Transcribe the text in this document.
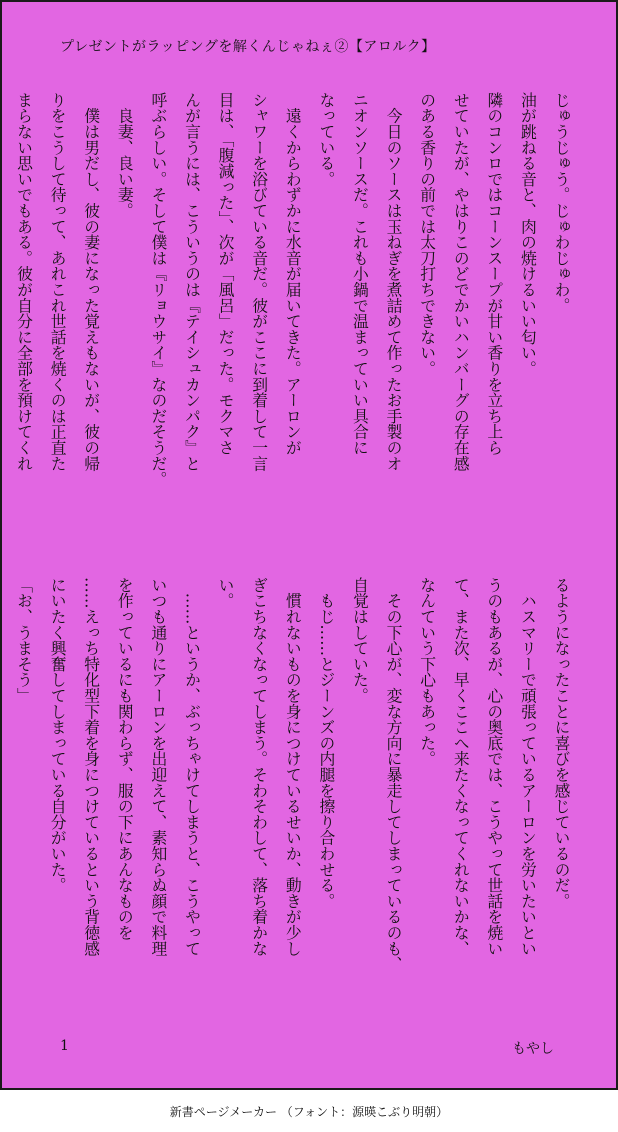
プレゼントがラッピングを解くんじゃねぇ②【アロルク】

じゅうじゅう。じゅわじゅわ。

油が跳ねる音と、肉の焼けるいい匂い。

隣のコンロではコーンスープが甘い香りを立ち上ら

せていたが、やはりこのどでかいハンバーグの存在感

のある香りの前では太刀打ちできない。

　今日のソースは玉ねぎを煮詰めて作ったお手製のオ

ニオンソースだ。これも小鍋で温まっていい具合に

なっている。

　遠くからわずかに水音が届いてきた。アーロンが

シャワーを浴びている音だ。彼がここに到着して一言

目は、「腹減った」、次が「風呂」だった。モクマさ

んが言うには、こういうのは『テイシュカンパク』と

呼ぶらしい。そして僕は『リョウサイ』なのだそうだ。

　良妻、良い妻。

　僕は男だし、彼の妻になった覚えもないが、彼の帰

りをこうして待って、あれこれ世話を焼くのは正直た

まらない思いでもある。彼が自分に全部を預けてくれ

るようになったことに喜びを感じているのだ。

　ハスマリーで頑張っているアーロンを労いたいとい

うのもあるが、心の奥底では、こうやって世話を焼い

て、また次、早くここへ来たくなってくれないかな、

なんていう下心もあった。

　その下心が、変な方向に暴走してしまっているのも、

自覚はしていた。

　もじ……とジーンズの内腿を擦り合わせる。

　慣れないものを身につけているせいか、動きが少し

ぎこちなくなってしまう。そわそわして、落ち着かな

い。

　……というか、ぶっちゃけてしまうと、こうやって

いつも通りにアーロンを出迎えて、素知らぬ顔で料理

を作っているにも関わらず、服の下にあんなものを

……えっち特化型下着を身につけているという背徳感

にいたく興奮してしまっている自分がいた。

「お、うまそう」

1	もやし
新書ページメーカー （フォント：源暎こぶり明朝）
